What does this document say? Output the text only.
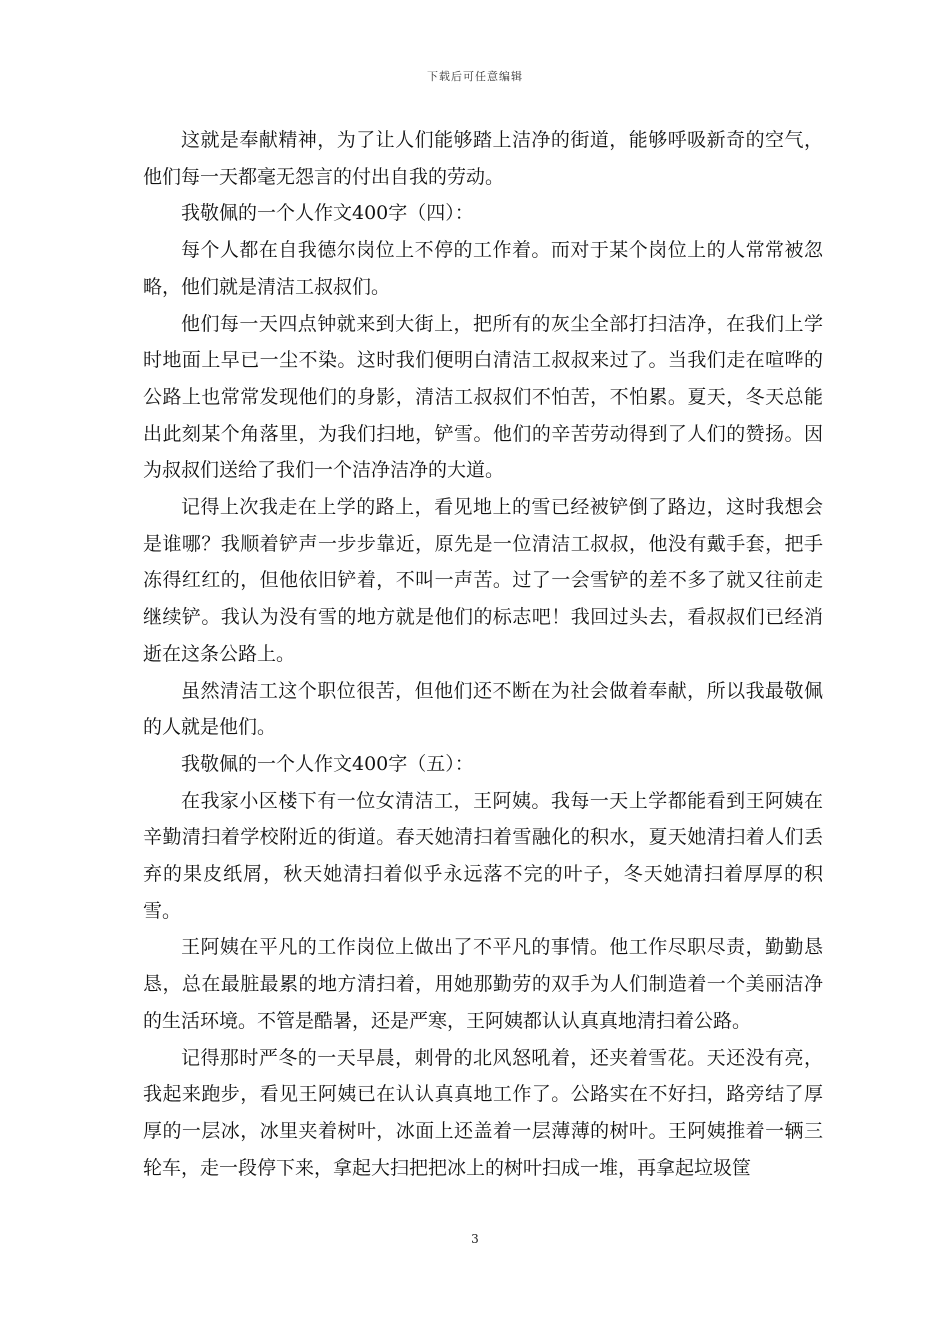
下载后可任意编辑

这就是奉献精神，为了让人们能够踏上洁净的街道，能够呼吸新奇的空气，他们每一天都毫无怨言的付出自我的劳动。

我敬佩的一个人作文400字（四）：

每个人都在自我德尔岗位上不停的工作着。而对于某个岗位上的人常常被忽略，他们就是清洁工叔叔们。

他们每一天四点钟就来到大街上，把所有的灰尘全部打扫洁净，在我们上学时地面上早已一尘不染。这时我们便明白清洁工叔叔来过了。当我们走在喧哗的公路上也常常发现他们的身影，清洁工叔叔们不怕苦，不怕累。夏天，冬天总能出此刻某个角落里，为我们扫地，铲雪。他们的辛苦劳动得到了人们的赞扬。因为叔叔们送给了我们一个洁净洁净的大道。

记得上次我走在上学的路上，看见地上的雪已经被铲倒了路边，这时我想会是谁哪？我顺着铲声一步步靠近，原先是一位清洁工叔叔，他没有戴手套，把手冻得红红的，但他依旧铲着，不叫一声苦。过了一会雪铲的差不多了就又往前走继续铲。我认为没有雪的地方就是他们的标志吧！我回过头去，看叔叔们已经消逝在这条公路上。

虽然清洁工这个职位很苦，但他们还不断在为社会做着奉献，所以我最敬佩的人就是他们。

我敬佩的一个人作文400字（五）：

在我家小区楼下有一位女清洁工，王阿姨。我每一天上学都能看到王阿姨在辛勤清扫着学校附近的街道。春天她清扫着雪融化的积水，夏天她清扫着人们丢弃的果皮纸屑，秋天她清扫着似乎永远落不完的叶子，冬天她清扫着厚厚的积雪。

王阿姨在平凡的工作岗位上做出了不平凡的事情。他工作尽职尽责，勤勤恳恳，总在最脏最累的地方清扫着，用她那勤劳的双手为人们制造着一个美丽洁净的生活环境。不管是酷暑，还是严寒，王阿姨都认认真真地清扫着公路。

记得那时严冬的一天早晨，刺骨的北风怒吼着，还夹着雪花。天还没有亮，我起来跑步，看见王阿姨已在认认真真地工作了。公路实在不好扫，路旁结了厚厚的一层冰，冰里夹着树叶，冰面上还盖着一层薄薄的树叶。王阿姨推着一辆三轮车，走一段停下来，拿起大扫把把冰上的树叶扫成一堆，再拿起垃圾筐

3
